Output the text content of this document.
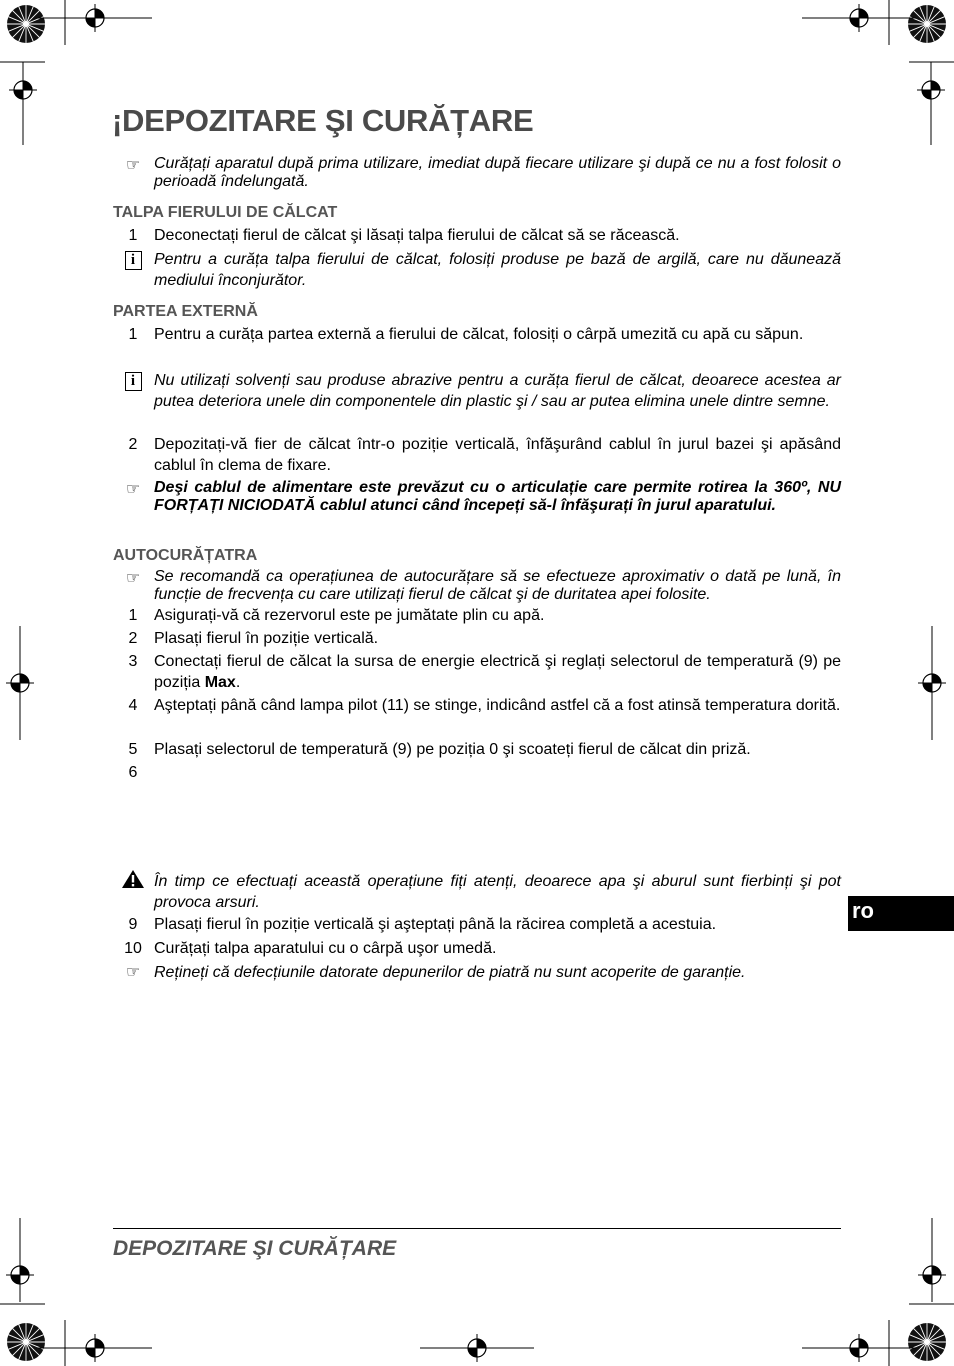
¡DEPOZITARE ŞI CURĂȚARE
☞ Curățați aparatul după prima utilizare, imediat după fiecare utilizare şi după ce nu a fost folosit o perioadă îndelungată.
TALPA FIERULUI DE CĂLCAT
1	Deconectați fierul de călcat şi lăsați talpa fierului de călcat să se răcească.
i	Pentru a curăța talpa fierului de călcat, folosiți produse pe bază de argilă, care nu dăunează mediului înconjurător.
PARTEA EXTERNĂ
1	Pentru a curăța partea externă a fierului de călcat, folosiți o cârpă umezită cu apă cu săpun.
i	Nu utilizați solvenți sau produse abrazive pentru a curăța fierul de călcat, deoarece acestea ar putea deteriora unele din componentele din plastic şi / sau ar putea elimina unele dintre semne.
2	Depozitați-vă fier de călcat într-o poziție verticală, înfăşurând cablul în jurul bazei şi apăsând cablul în clema de fixare.
☞ Deşi cablul de alimentare este prevăzut cu o articulație care permite rotirea la 360º, NU FORȚAȚI NICIODATĂ cablul atunci când începeți să-l înfăşurați în jurul aparatului.
AUTOCURĂȚATRA
☞ Se recomandă ca operațiunea de autocurățare să se efectueze aproximativ o dată pe lună, în funcție de frecvența cu care utilizați fierul de călcat şi de duritatea apei folosite.
1	Asigurați-vă că rezervorul este pe jumătate plin cu apă.
2	Plasați fierul în poziție verticală.
3	Conectați fierul de călcat la sursa de energie electrică şi reglați selectorul de temperatură (9) pe poziția Max.
4	Aşteptați până când lampa pilot (11) se stinge, indicând astfel că a fost atinsă temperatura dorită.
5	Plasați selectorul de temperatură (9) pe poziția 0 şi scoateți fierul de călcat din priză.
6
În timp ce efectuați această operațiune fiți atenți, deoarece apa şi aburul sunt fierbinți şi pot provoca arsuri.
9	Plasați fierul în poziție verticală şi aşteptați până la răcirea completă a acestuia.
10 Curățați talpa aparatului cu o cârpă uşor umedă.
☞ Rețineți că defecțiunile datorate depunerilor de piatră nu sunt acoperite de garanție.
ro
DEPOZITARE ŞI CURĂȚARE
